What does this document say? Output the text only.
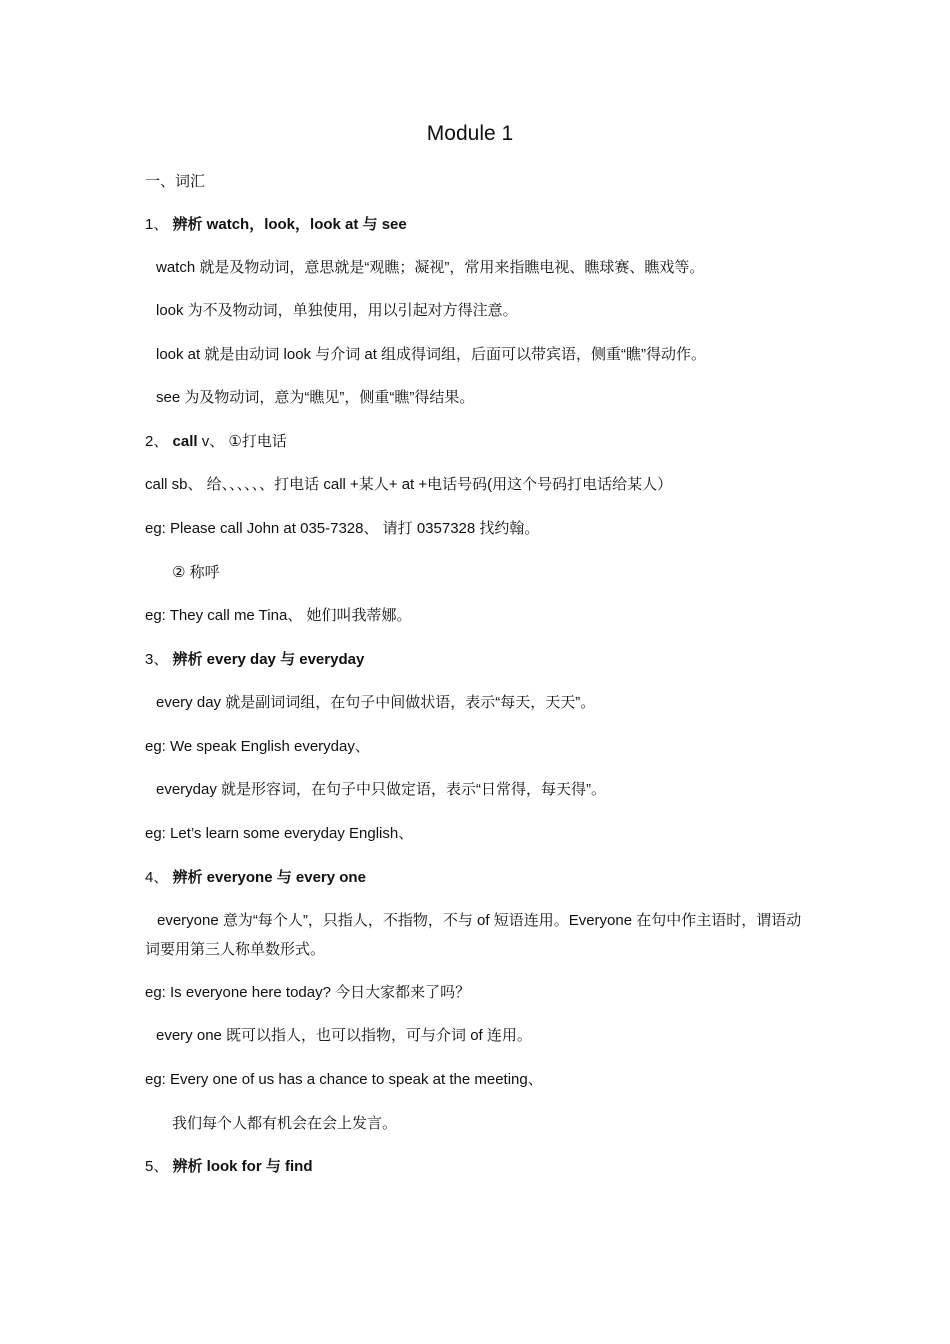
Module 1
一、词汇
1、 辨析 watch，look，look at 与 see
watch 就是及物动词，意思就是“观瞧；凝视”，常用来指瞧电视、瞧球赛、瞧戏等。
look 为不及物动词，单独使用，用以引起对方得注意。
look at 就是由动词 look 与介词 at 组成得词组，后面可以带宾语，侧重“瞧”得动作。
see 为及物动词，意为“瞧见”，侧重“瞧”得结果。
2、 call v、 ①打电话
call sb、 给、、、、、、打电话 call +某人+ at +电话号码(用这个号码打电话给某人）
eg: Please call John at 035-7328、 请打 0357328 找约翰。
② 称呼
eg: They call me Tina、 她们叫我蒂娜。
3、 辨析 every day 与 everyday
every day 就是副词词组，在句子中间做状语，表示“每天，天天”。
eg: We speak English everyday、
everyday 就是形容词，在句子中只做定语，表示“日常得，每天得”。
eg: Let’s learn some everyday English、
4、 辨析 everyone 与 every one
everyone 意为“每个人”，只指人，不指物，不与 of 短语连用。Everyone 在句中作主语时，谓语动词要用第三人称单数形式。
eg: Is everyone here today? 今日大家都来了吗？
every one 既可以指人，也可以指物，可与介词 of 连用。
eg: Every one of us has a chance to speak at the meeting、
我们每个人都有机会在会上发言。
5、 辨析 look for 与 find
